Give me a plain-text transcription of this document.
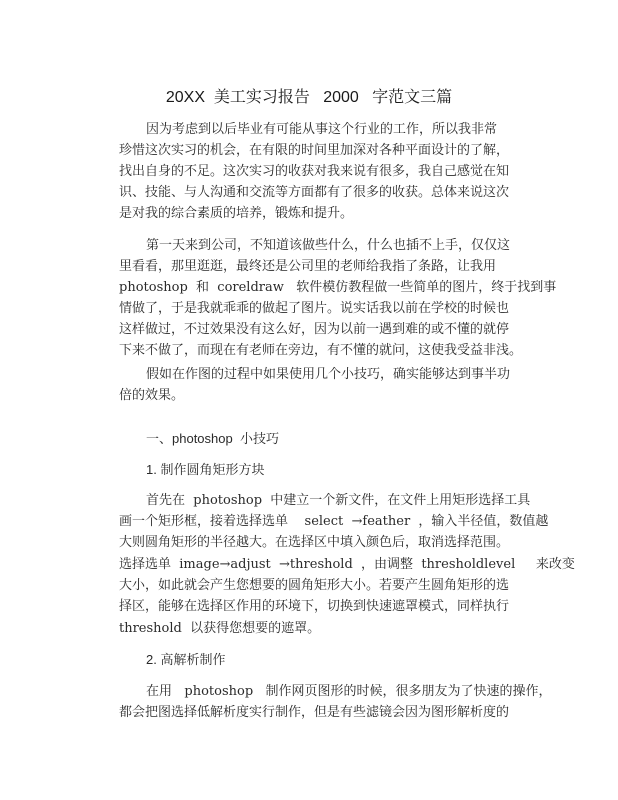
20XX  美工实习报告   2000   字范文三篇
因为考虑到以后毕业有可能从事这个行业的工作，所以我非常
珍惜这次实习的机会，在有限的时间里加深对各种平面设计的了解，
找出自身的不足。这次实习的收获对我来说有很多，我自己感觉在知
识、技能、与人沟通和交流等方面都有了很多的收获。总体来说这次
是对我的综合素质的培养，锻炼和提升。
第一天来到公司，不知道该做些什么，什么也插不上手，仅仅这
里看看，那里逛逛，最终还是公司里的老师给我指了条路，让我用
photoshop  和  coreldraw   软件模仿教程做一些简单的图片，终于找到事
情做了，于是我就乖乖的做起了图片。说实话我以前在学校的时候也
这样做过，不过效果没有这么好，因为以前一遇到难的或不懂的就停
下来不做了，而现在有老师在旁边，有不懂的就问，这使我受益非浅。
假如在作图的过程中如果使用几个小技巧，确实能够达到事半功
倍的效果。
一、photoshop  小技巧
1. 制作圆角矩形方块
首先在  photoshop  中建立一个新文件，在文件上用矩形选择工具
画一个矩形框，接着选择选单    select  →feather  ，输入半径值，数值越
大则圆角矩形的半径越大。在选择区中填入颜色后，取消选择范围。
选择选单  image→adjust  →threshold  ，由调整  thresholdlevel     来改变
大小，如此就会产生您想要的圆角矩形大小。若要产生圆角矩形的选
择区，能够在选择区作用的环境下，切换到快速遮罩模式，同样执行
threshold  以获得您想要的遮罩。
2. 高解析制作
在用   photoshop   制作网页图形的时候，很多朋友为了快速的操作，
都会把图选择低解析度实行制作，但是有些滤镜会因为图形解析度的
